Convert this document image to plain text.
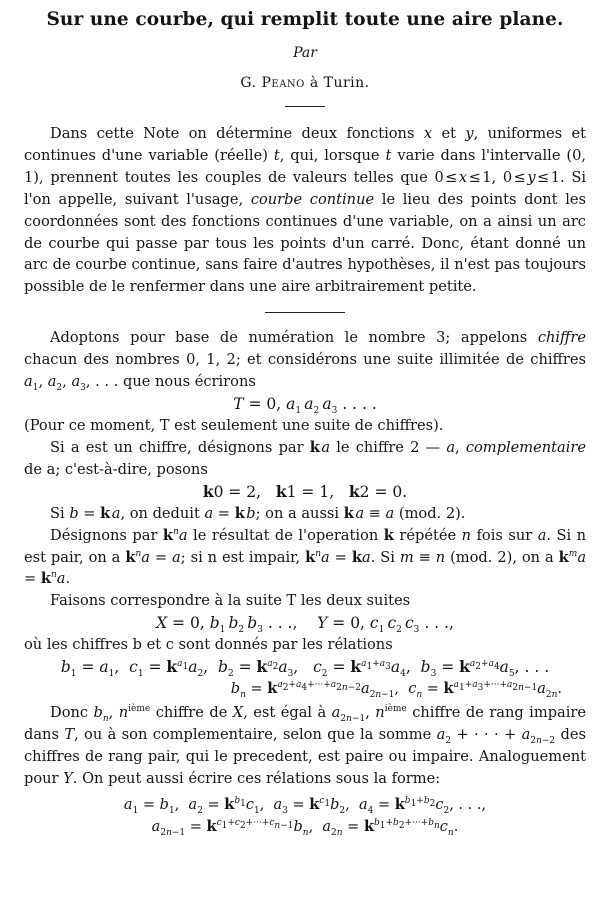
Sur une courbe, qui remplit toute une aire plane.
Par
G. Peano à Turin.

Dans cette Note on détermine deux fonctions x et y, uniformes et continues d'une variable (réelle) t, qui, lorsque t varie dans l'intervalle (0, 1), prennent toutes les couples de valeurs telles que 0 ≤ x ≤ 1, 0 ≤ y ≤ 1. Si l'on appelle, suivant l'usage, courbe continue le lieu des points dont les coordonnées sont des fonctions continues d'une variable, on a ainsi un arc de courbe qui passe par tous les points d'un carré. Donc, étant donné un arc de courbe continue, sans faire d'autres hypothèses, il n'est pas toujours possible de le renfermer dans une aire arbitrairement petite.

Adoptons pour base de numération le nombre 3; appelons chiffre chacun des nombres 0, 1, 2; et considérons une suite illimitée de chiffres $a_1$, $a_2$, $a_3$, . . . que nous écrirons

T = 0, $a_1$  $a_2$  $a_3$ . . . .

(Pour ce moment, T est seulement une suite de chiffres).

Si a est un chiffre, désignons par k a le chiffre 2 — a, complementaire de a; c'est-à-dire, posons

k0 = 2,   k1 = 1,   k2 = 0.

Si b = k a, on deduit a = k b; on a aussi k a ≡ a (mod. 2).

Désignons par $k^na$ le résultat de l'operation k répétée n fois sur a. Si n est pair, on a $k^na = a$; si n est impair, $k^na$ = ka. Si m ≡ n (mod. 2), on a $k^ma = k^na$.

Faisons correspondre à la suite T les deux suites

X = 0, $b_1$  $b_2$  $b_3$ . . .,    Y = 0, $c_1$  $c_2$  $c_3$ . . .,

où les chiffres b et c sont donnés par les rélations

$b_1 = a_1$,  $c_1 = k^{a_1}a_2$,  $b_2 = k^{a_2}a_3$,   $c_2 = k^{a_1+a_3}a_4$,  $b_3 = k^{a_2+a_4}a_5$, . . .
$b_n = k^{a_2+a_4+\cdot\cdot\cdot+a_{2n-2}}a_{2n-1}$,  $c_n = k^{a_1+a_3+\cdot\cdot\cdot+a_{2n-1}}a_{2n}$.

Donc $b_n$, $n^{ième}$ chiffre de X, est égal à $a_{2n-1}$, $n^{ième}$ chiffre de rang impaire dans T, ou à son complementaire, selon que la somme $a_2$ + · · · + $a_{2n-2}$ des chiffres de rang pair, qui le precedent, est paire ou impaire. Analoguement pour Y. On peut aussi écrire ces rélations sous la forme:

$a_1 = b_1$,  $a_2 = k^{b_1}c_1$,  $a_3 = k^{c_1}b_2$,  $a_4 = k^{b_1+b_2}c_2$, . . .,
$a_{2n-1} = k^{c_1+c_2+\cdot\cdot\cdot+c_{n-1}}b_n$,  $a_{2n} = k^{b_1+b_2+\cdot\cdot\cdot+b_n}c_n$.
